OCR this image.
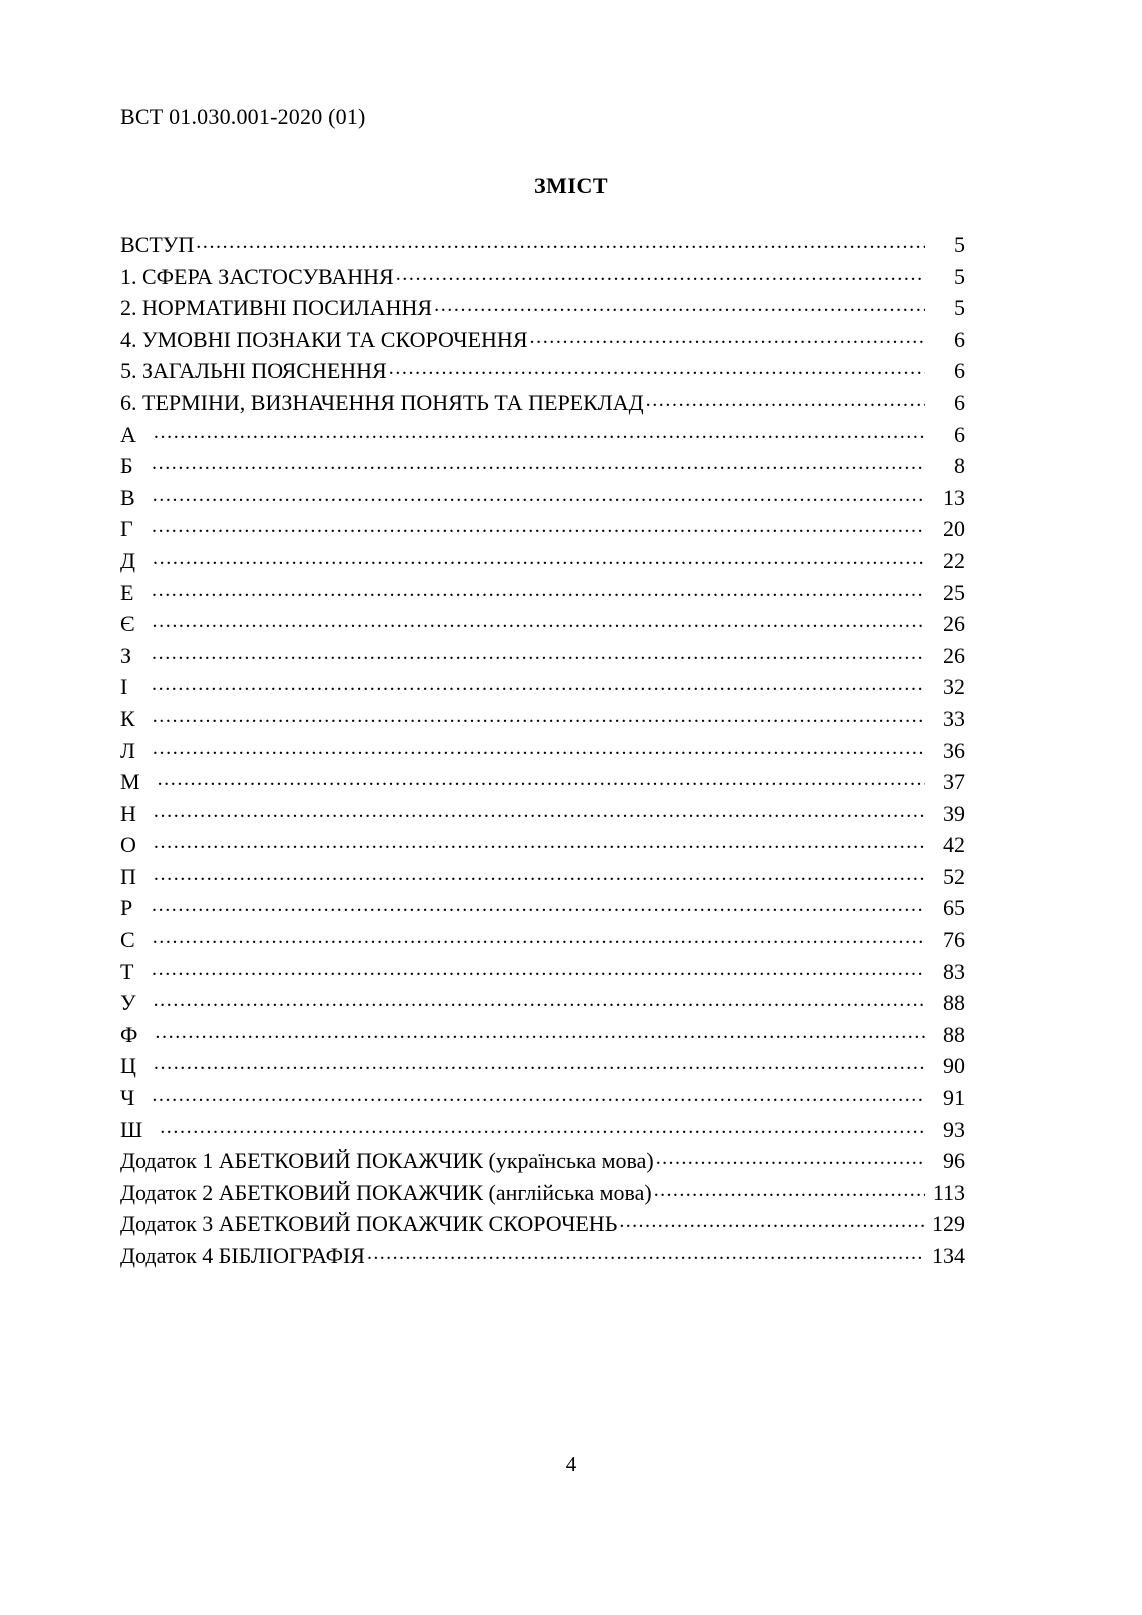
ВСТ 01.030.001-2020 (01)
ЗМІСТ
ВСТУП .....	5
1. СФЕРА ЗАСТОСУВАННЯ .....	5
2. НОРМАТИВНІ ПОСИЛАННЯ .....	5
4. УМОВНІ ПОЗНАКИ ТА СКОРОЧЕННЯ .....	6
5. ЗАГАЛЬНІ ПОЯСНЕННЯ .....	6
6. ТЕРМІНИ, ВИЗНАЧЕННЯ ПОНЯТЬ ТА ПЕРЕКЛАД .....	6
А .....	6
Б .....	8
В .....	13
Г .....	20
Д .....	22
Е .....	25
Є .....	26
З .....	26
І .....	32
К .....	33
Л .....	36
М .....	37
Н .....	39
О .....	42
П .....	52
Р .....	65
С .....	76
Т .....	83
У .....	88
Ф .....	88
Ц .....	90
Ч .....	91
Ш .....	93
Додаток 1 АБЕТКОВИЙ ПОКАЖЧИК (українська мова) .....	96
Додаток 2 АБЕТКОВИЙ ПОКАЖЧИК (англійська мова) .....	113
Додаток 3 АБЕТКОВИЙ ПОКАЖЧИК СКОРОЧЕНЬ .....	129
Додаток 4 БІБЛІОГРАФІЯ .....	134
4
